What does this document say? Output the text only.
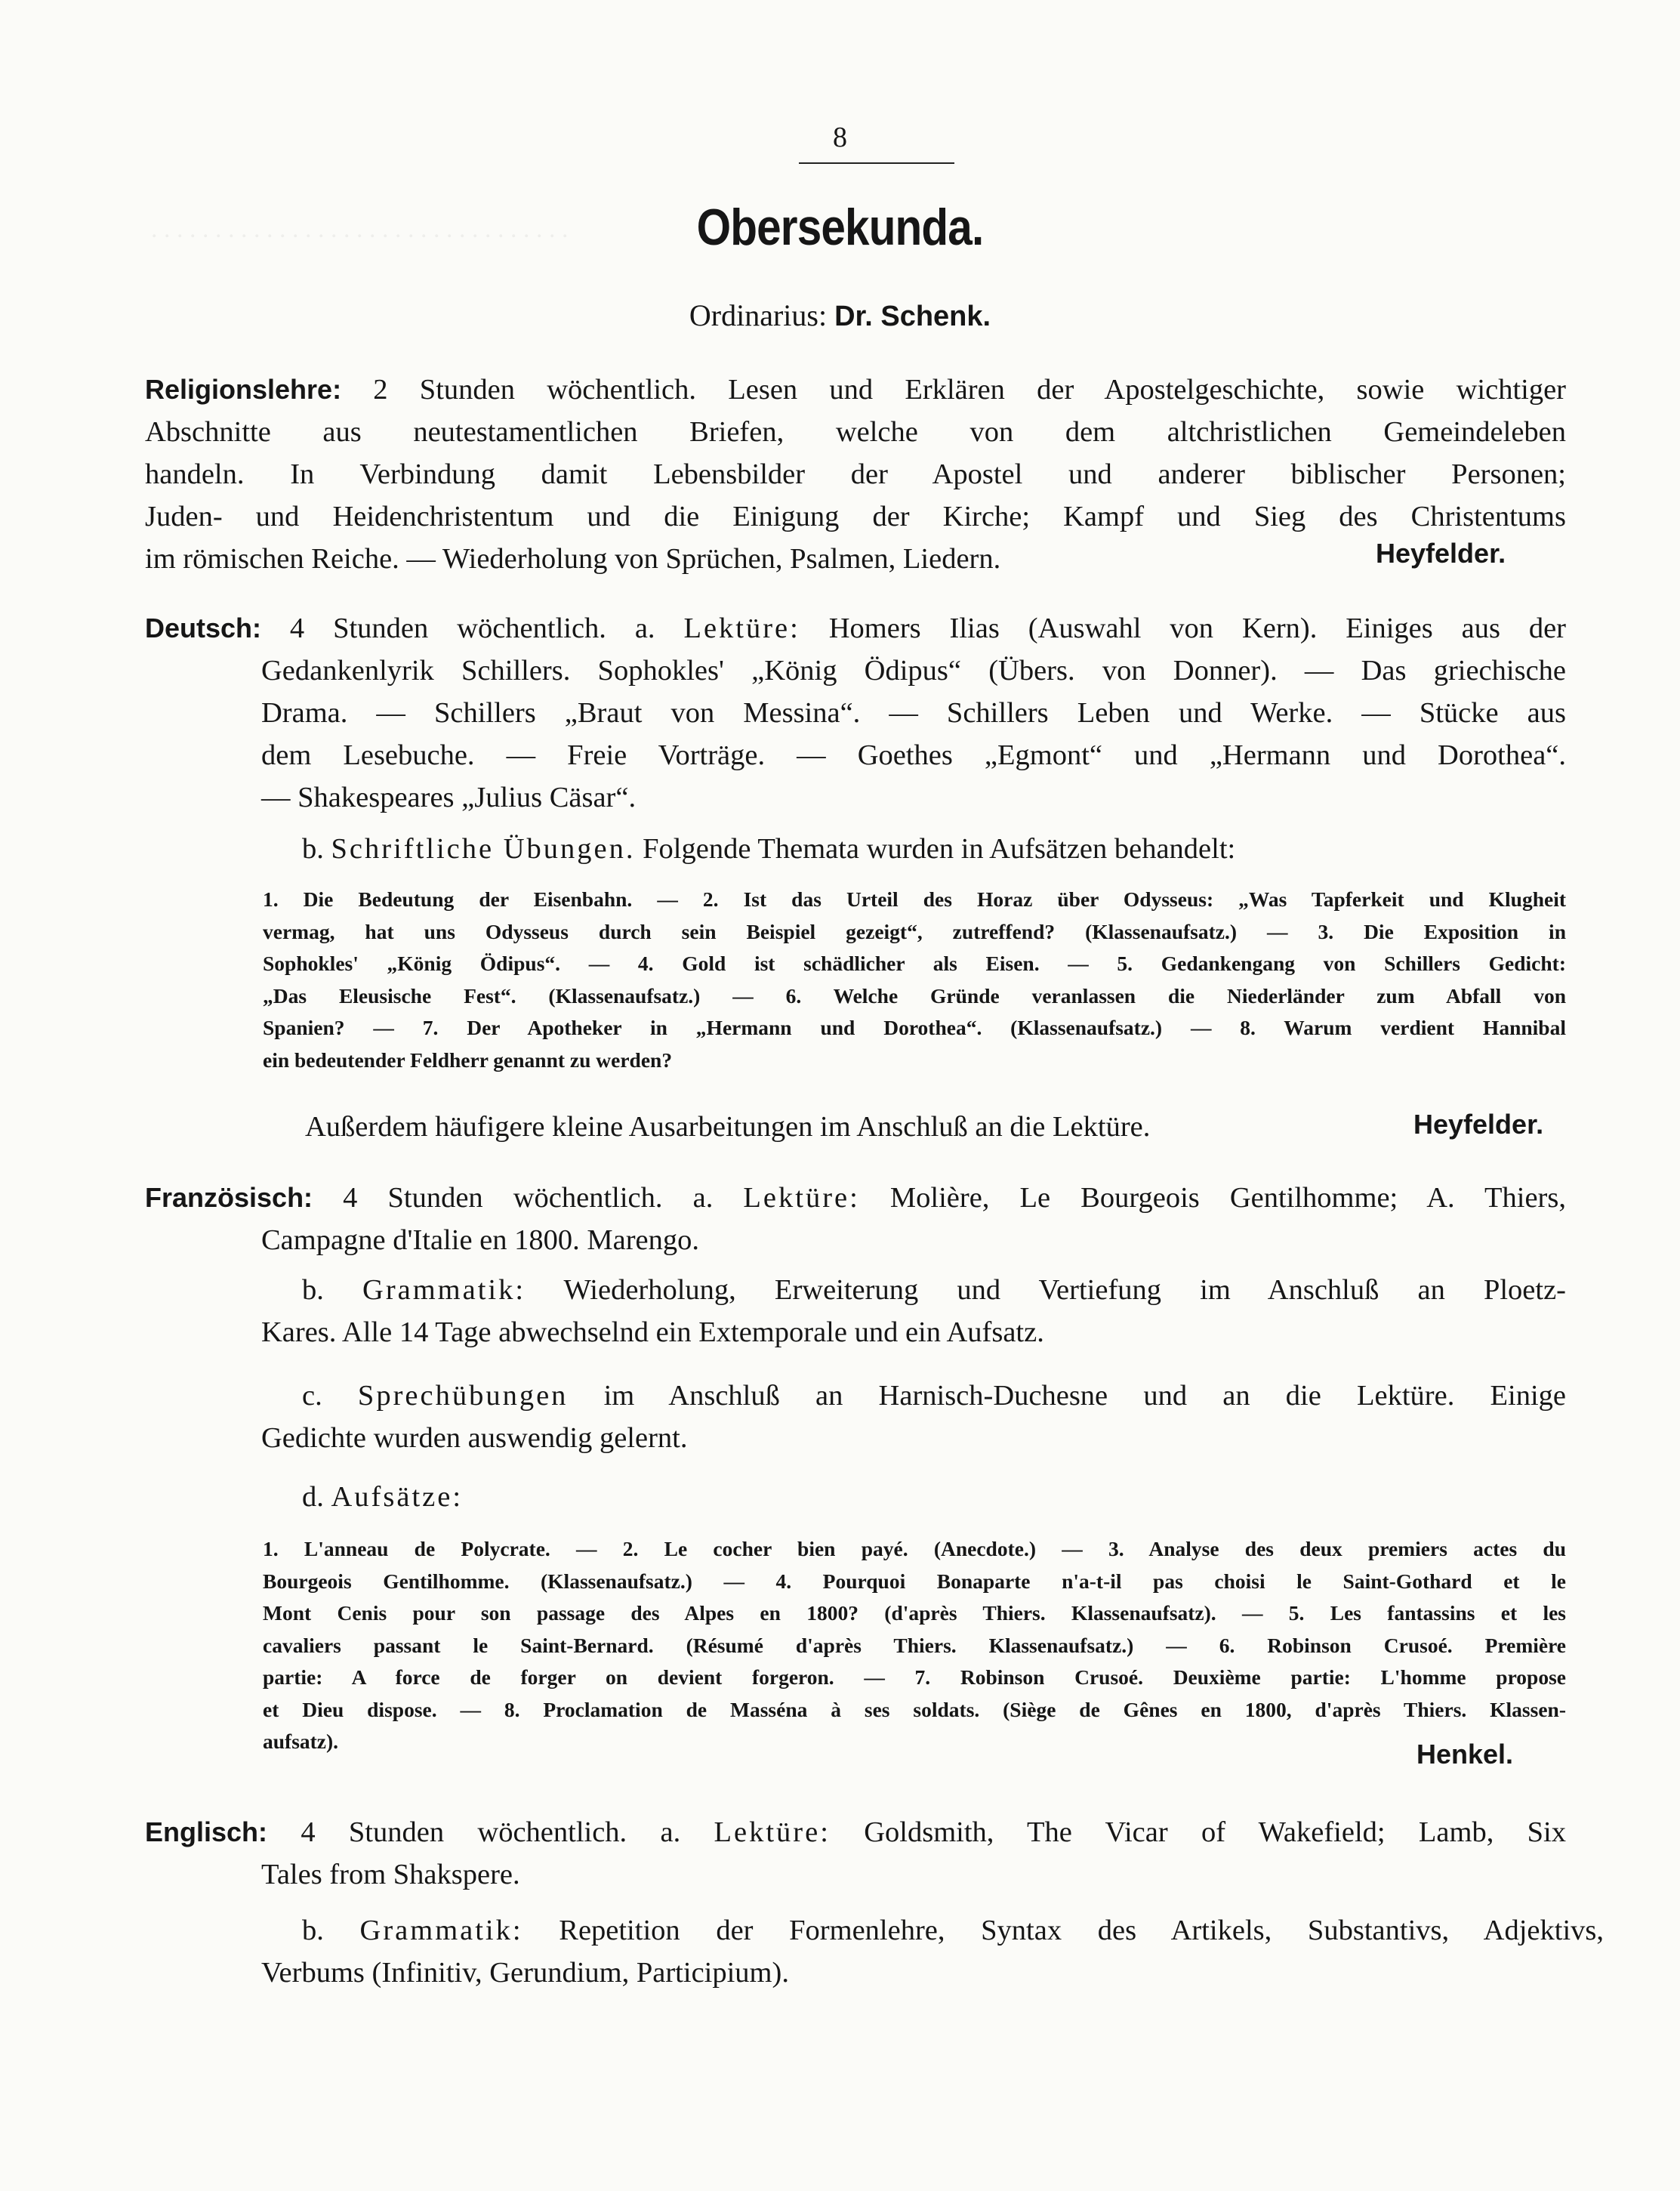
. . . . . . . . . . . . . . . . . . . . . . . . . . . . . . . . .
8
Obersekunda.
Ordinarius: Dr. Schenk.
Religionslehre: 2 Stunden wöchentlich. Lesen und Erklären der Apostelgeschichte, sowie wichtiger
Abschnitte aus neutestamentlichen Briefen, welche von dem altchristlichen Gemeindeleben
handeln. In Verbindung damit Lebensbilder der Apostel und anderer biblischer Personen;
Juden- und Heidenchristentum und die Einigung der Kirche; Kampf und Sieg des Christentums
im römischen Reiche. — Wiederholung von Sprüchen, Psalmen, Liedern.	Heyfelder.
Deutsch: 4 Stunden wöchentlich. a. Lektüre: Homers Ilias (Auswahl von Kern). Einiges aus der
Gedankenlyrik Schillers. Sophokles' „König Ödipus“ (Übers. von Donner). — Das griechische
Drama. — Schillers „Braut von Messina“. — Schillers Leben und Werke. — Stücke aus
dem Lesebuche. — Freie Vorträge. — Goethes „Egmont“ und „Hermann und Dorothea“.
— Shakespeares „Julius Cäsar“.
b. Schriftliche Übungen. Folgende Themata wurden in Aufsätzen behandelt:
1. Die Bedeutung der Eisenbahn. — 2. Ist das Urteil des Horaz über Odysseus: „Was Tapferkeit und Klugheit
vermag, hat uns Odysseus durch sein Beispiel gezeigt“, zutreffend? (Klassenaufsatz.) — 3. Die Exposition in
Sophokles' „König Ödipus“. — 4. Gold ist schädlicher als Eisen. — 5. Gedankengang von Schillers Gedicht:
„Das Eleusische Fest“. (Klassenaufsatz.) — 6. Welche Gründe veranlassen die Niederländer zum Abfall von
Spanien? — 7. Der Apotheker in „Hermann und Dorothea“. (Klassenaufsatz.) — 8. Warum verdient Hannibal
ein bedeutender Feldherr genannt zu werden?
Außerdem häufigere kleine Ausarbeitungen im Anschluß an die Lektüre.	Heyfelder.
Französisch: 4 Stunden wöchentlich. a. Lektüre: Molière, Le Bourgeois Gentilhomme; A. Thiers,
Campagne d'Italie en 1800. Marengo.
b. Grammatik: Wiederholung, Erweiterung und Vertiefung im Anschluß an Ploetz-
Kares. Alle 14 Tage abwechselnd ein Extemporale und ein Aufsatz.
c. Sprechübungen im Anschluß an Harnisch-Duchesne und an die Lektüre. Einige
Gedichte wurden auswendig gelernt.
d. Aufsätze:
1. L'anneau de Polycrate. — 2. Le cocher bien payé. (Anecdote.) — 3. Analyse des deux premiers actes du
Bourgeois Gentilhomme. (Klassenaufsatz.) — 4. Pourquoi Bonaparte n'a-t-il pas choisi le Saint-Gothard et le
Mont Cenis pour son passage des Alpes en 1800? (d'après Thiers. Klassenaufsatz). — 5. Les fantassins et les
cavaliers passant le Saint-Bernard. (Résumé d'après Thiers. Klassenaufsatz.) — 6. Robinson Crusoé. Première
partie: A force de forger on devient forgeron. — 7. Robinson Crusoé. Deuxième partie: L'homme propose
et Dieu dispose. — 8. Proclamation de Masséna à ses soldats. (Siège de Gênes en 1800, d'après Thiers. Klassen-
aufsatz).	Henkel.
Englisch: 4 Stunden wöchentlich. a. Lektüre: Goldsmith, The Vicar of Wakefield; Lamb, Six
Tales from Shakspere.
b. Grammatik: Repetition der Formenlehre, Syntax des Artikels, Substantivs, Adjektivs,
Verbums (Infinitiv, Gerundium, Participium).
